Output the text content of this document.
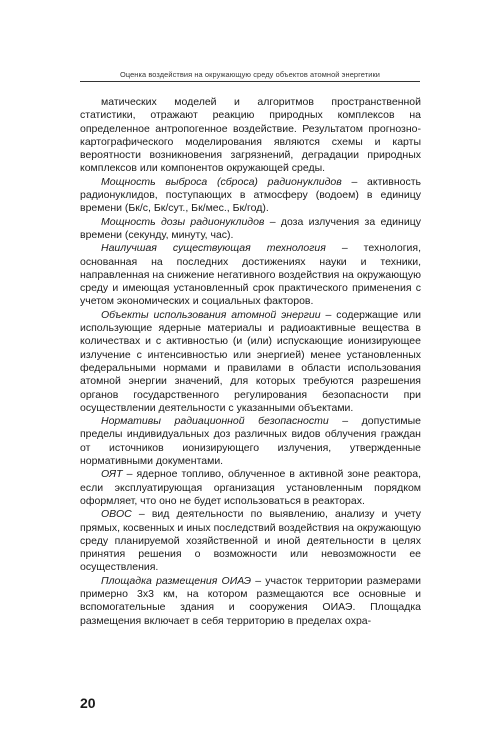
Оценка воздействия на окружающую среду объектов атомной энергетики

матических моделей и алгоритмов пространственной статистики, отражают реакцию природных комплексов на определенное антропогенное воздействие. Результатом прогнозно-картографического моделирования являются схемы и карты вероятности возникновения загрязнений, деградации природных комплексов или компонентов окружающей среды.

Мощность выброса (сброса) радионуклидов – активность радионуклидов, поступающих в атмосферу (водоем) в единицу времени (Бк/с, Бк/сут., Бк/мес., Бк/год).

Мощность дозы радионуклидов – доза излучения за единицу времени (секунду, минуту, час).

Наилучшая существующая технология – технология, основанная на последних достижениях науки и техники, направленная на снижение негативного воздействия на окружающую среду и имеющая установленный срок практического применения с учетом экономических и социальных факторов.

Объекты использования атомной энергии – содержащие или использующие ядерные материалы и радиоактивные вещества в количествах и с активностью (и (или) испускающие ионизирующее излучение с интенсивностью или энергией) менее установленных федеральными нормами и правилами в области использования атомной энергии значений, для которых требуются разрешения органов государственного регулирования безопасности при осуществлении деятельности с указанными объектами.

Нормативы радиационной безопасности – допустимые пределы индивидуальных доз различных видов облучения граждан от источников ионизирующего излучения, утвержденные нормативными документами.

ОЯТ – ядерное топливо, облученное в активной зоне реактора, если эксплуатирующая организация установленным порядком оформляет, что оно не будет использоваться в реакторах.

ОВОС – вид деятельности по выявлению, анализу и учету прямых, косвенных и иных последствий воздействия на окружающую среду планируемой хозяйственной и иной деятельности в целях принятия решения о возможности или невозможности ее осуществления.

Площадка размещения ОИАЭ – участок территории размерами примерно 3х3 км, на котором размещаются все основные и вспомогательные здания и сооружения ОИАЭ. Площадка размещения включает в себя территорию в пределах охра-

20
